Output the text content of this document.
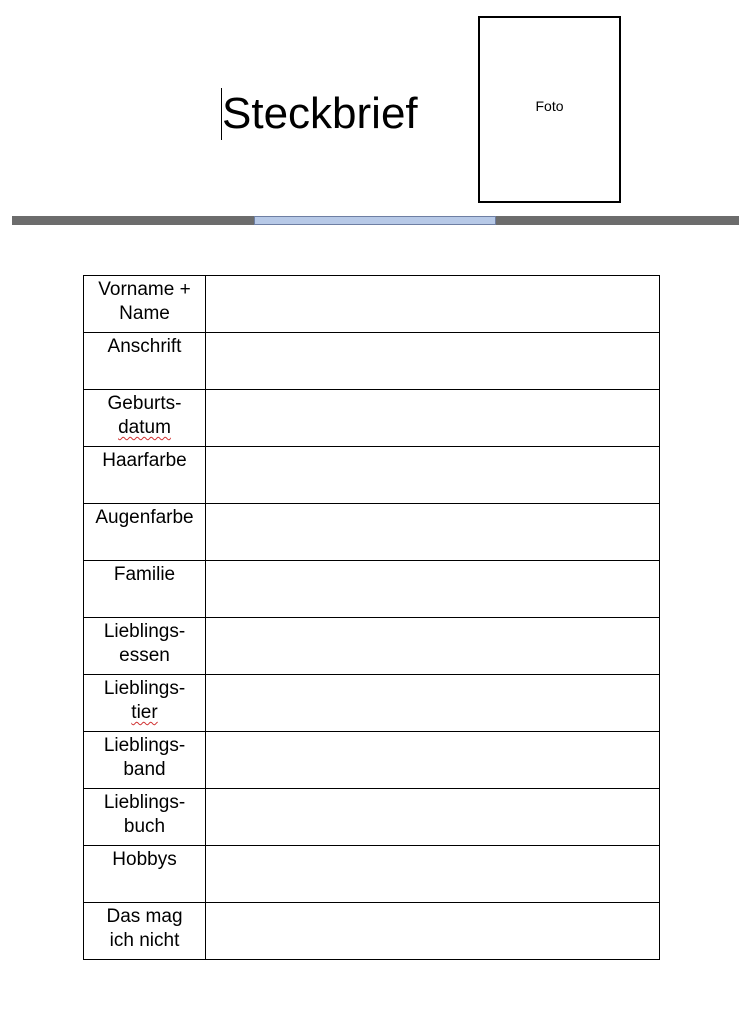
Steckbrief	Foto
Vorname +
Name	

Anschrift	

Geburts-
datum	

Haarfarbe	

Augenfarbe	

Familie	

Lieblings-
essen	

Lieblings-
tier	

Lieblings-
band	

Lieblings-
buch	

Hobbys	

Das mag
ich nicht	
